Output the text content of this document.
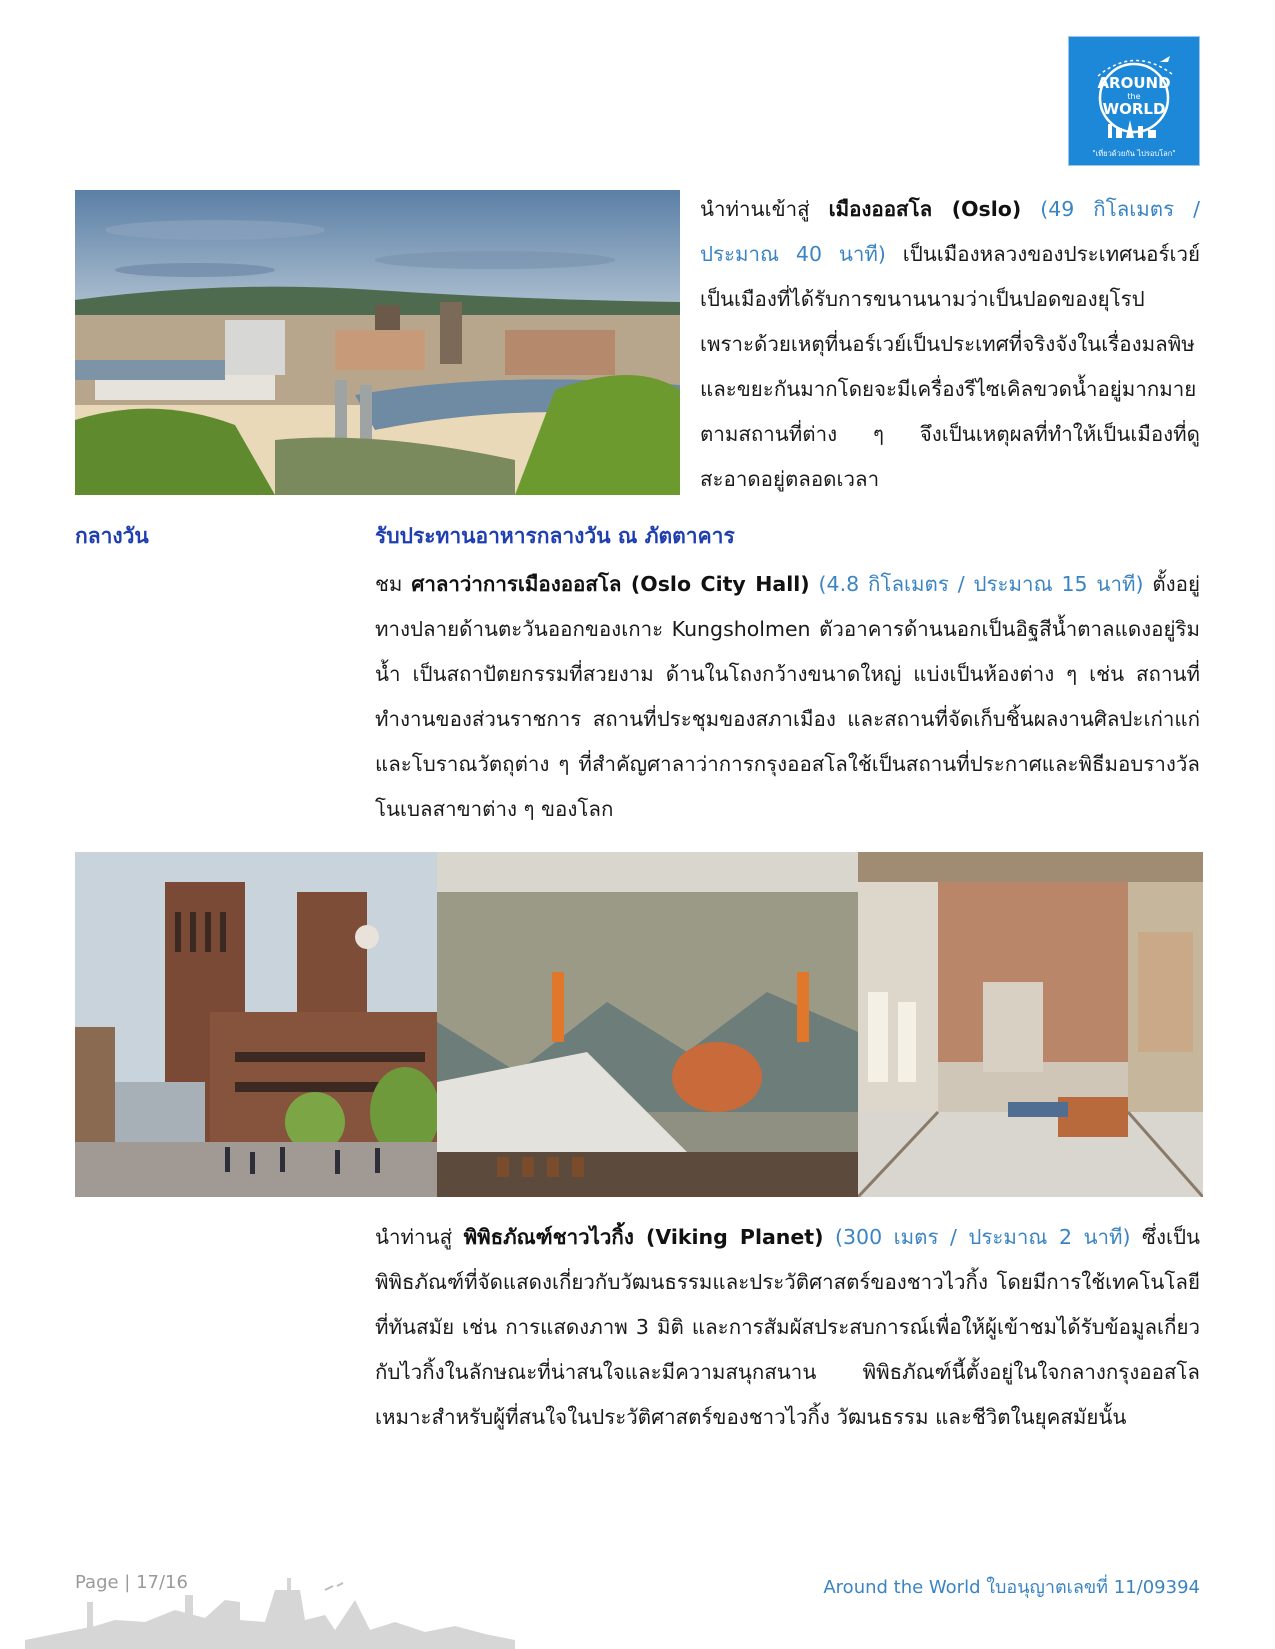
AROUND
the
WORLD
"เที่ยวด้วยกัน ไปรอบโลก"
นำท่านเข้าสู่ เมืองออสโล (Oslo) (49 กิโลเมตร / ประมาณ 40 นาที) เป็นเมืองหลวงของประเทศนอร์เวย์ เป็นเมืองที่ได้รับการขนานนามว่าเป็นปอดของยุโรป เพราะด้วยเหตุที่นอร์เวย์เป็นประเทศที่จริงจังในเรื่องมลพิษและขยะกันมากโดยจะมีเครื่องรีไซเคิลขวดน้ำอยู่มากมายตามสถานที่ต่าง ๆ จึงเป็นเหตุผลที่ทำให้เป็นเมืองที่ดูสะอาดอยู่ตลอดเวลา
กลางวัน	รับประทานอาหารกลางวัน ณ ภัตตาคาร
ชม ศาลาว่าการเมืองออสโล (Oslo City Hall) (4.8 กิโลเมตร / ประมาณ 15 นาที) ตั้งอยู่ทางปลายด้านตะวันออกของเกาะ Kungsholmen ตัวอาคารด้านนอกเป็นอิฐสีน้ำตาลแดงอยู่ริมน้ำ เป็นสถาปัตยกรรมที่สวยงาม ด้านในโถงกว้างขนาดใหญ่ แบ่งเป็นห้องต่าง ๆ เช่น สถานที่ทำงานของส่วนราชการ สถานที่ประชุมของสภาเมือง และสถานที่จัดเก็บชิ้นผลงานศิลปะเก่าแก่และโบราณวัตถุต่าง ๆ ที่สำคัญศาลาว่าการกรุงออสโลใช้เป็นสถานที่ประกาศและพิธีมอบรางวัลโนเบลสาขาต่าง ๆ ของโลก
นำท่านสู่ พิพิธภัณฑ์ชาวไวกิ้ง (Viking Planet) (300 เมตร / ประมาณ 2 นาที) ซึ่งเป็นพิพิธภัณฑ์ที่จัดแสดงเกี่ยวกับวัฒนธรรมและประวัติศาสตร์ของชาวไวกิ้ง โดยมีการใช้เทคโนโลยีที่ทันสมัย เช่น การแสดงภาพ 3 มิติ และการสัมผัสประสบการณ์เพื่อให้ผู้เข้าชมได้รับข้อมูลเกี่ยวกับไวกิ้งในลักษณะที่น่าสนใจและมีความสนุกสนาน พิพิธภัณฑ์นี้ตั้งอยู่ในใจกลางกรุงออสโล เหมาะสำหรับผู้ที่สนใจในประวัติศาสตร์ของชาวไวกิ้ง วัฒนธรรม และชีวิตในยุคสมัยนั้น
Page | 17/16	Around the World ใบอนุญาตเลขที่ 11/09394
